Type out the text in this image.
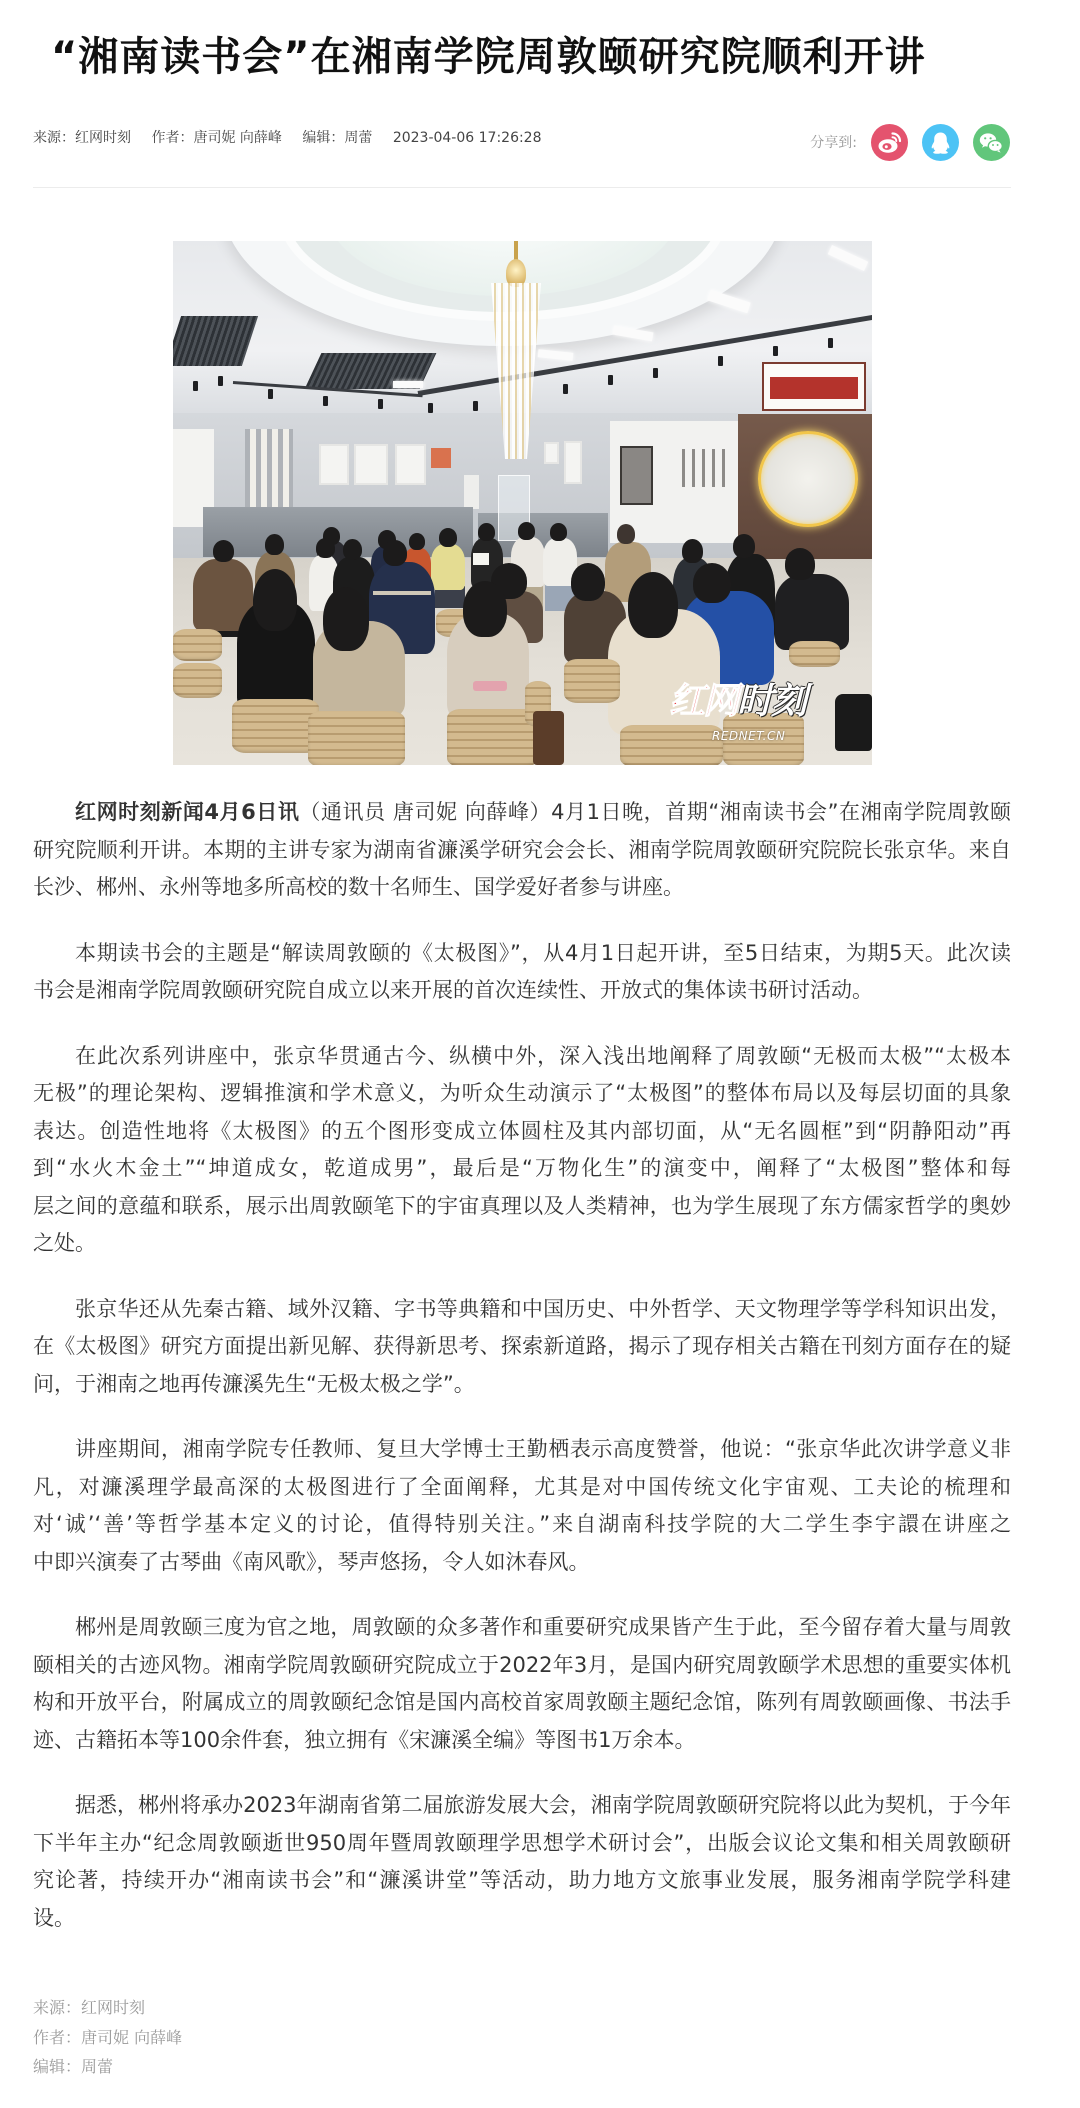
“湘南读书会”在湘南学院周敦颐研究院顺利开讲
来源：红网时刻 作者：唐司妮 向薛峰 编辑：周蕾 2023-04-06 17:26:28	分享到:
红网时刻
REDNET.CN

红网时刻新闻4月6日讯（通讯员 唐司妮 向薛峰）4月1日晚，首期“湘南读书会”在湘南学院周敦颐
研究院顺利开讲。本期的主讲专家为湖南省濂溪学研究会会长、湘南学院周敦颐研究院院长张京华。来自
长沙、郴州、永州等地多所高校的数十名师生、国学爱好者参与讲座。

本期读书会的主题是“解读周敦颐的《太极图》”，从4月1日起开讲，至5日结束，为期5天。此次读
书会是湘南学院周敦颐研究院自成立以来开展的首次连续性、开放式的集体读书研讨活动。

在此次系列讲座中，张京华贯通古今、纵横中外，深入浅出地阐释了周敦颐“无极而太极”“太极本
无极”的理论架构、逻辑推演和学术意义，为听众生动演示了“太极图”的整体布局以及每层切面的具象
表达。创造性地将《太极图》的五个图形变成立体圆柱及其内部切面，从“无名圆框”到“阴静阳动”再
到“水火木金土”“坤道成女，乾道成男”，最后是“万物化生”的演变中，阐释了“太极图”整体和每
层之间的意蕴和联系，展示出周敦颐笔下的宇宙真理以及人类精神，也为学生展现了东方儒家哲学的奥妙
之处。

张京华还从先秦古籍、域外汉籍、字书等典籍和中国历史、中外哲学、天文物理学等学科知识出发，
在《太极图》研究方面提出新见解、获得新思考、探索新道路，揭示了现存相关古籍在刊刻方面存在的疑
问，于湘南之地再传濂溪先生“无极太极之学”。

讲座期间，湘南学院专任教师、复旦大学博士王勤栖表示高度赞誉，他说：“张京华此次讲学意义非
凡，对濂溪理学最高深的太极图进行了全面阐释，尤其是对中国传统文化宇宙观、工夫论的梳理和
对‘诚’‘善’等哲学基本定义的讨论，值得特别关注。”来自湖南科技学院的大二学生李宇譞在讲座之
中即兴演奏了古琴曲《南风歌》，琴声悠扬，令人如沐春风。

郴州是周敦颐三度为官之地，周敦颐的众多著作和重要研究成果皆产生于此，至今留存着大量与周敦
颐相关的古迹风物。湘南学院周敦颐研究院成立于2022年3月，是国内研究周敦颐学术思想的重要实体机
构和开放平台，附属成立的周敦颐纪念馆是国内高校首家周敦颐主题纪念馆，陈列有周敦颐画像、书法手
迹、古籍拓本等100余件套，独立拥有《宋濂溪全编》等图书1万余本。

据悉，郴州将承办2023年湖南省第二届旅游发展大会，湘南学院周敦颐研究院将以此为契机，于今年
下半年主办“纪念周敦颐逝世950周年暨周敦颐理学思想学术研讨会”，出版会议论文集和相关周敦颐研
究论著，持续开办“湘南读书会”和“濂溪讲堂”等活动，助力地方文旅事业发展，服务湘南学院学科建
设。

来源：红网时刻
作者：唐司妮 向薛峰
编辑：周蕾
